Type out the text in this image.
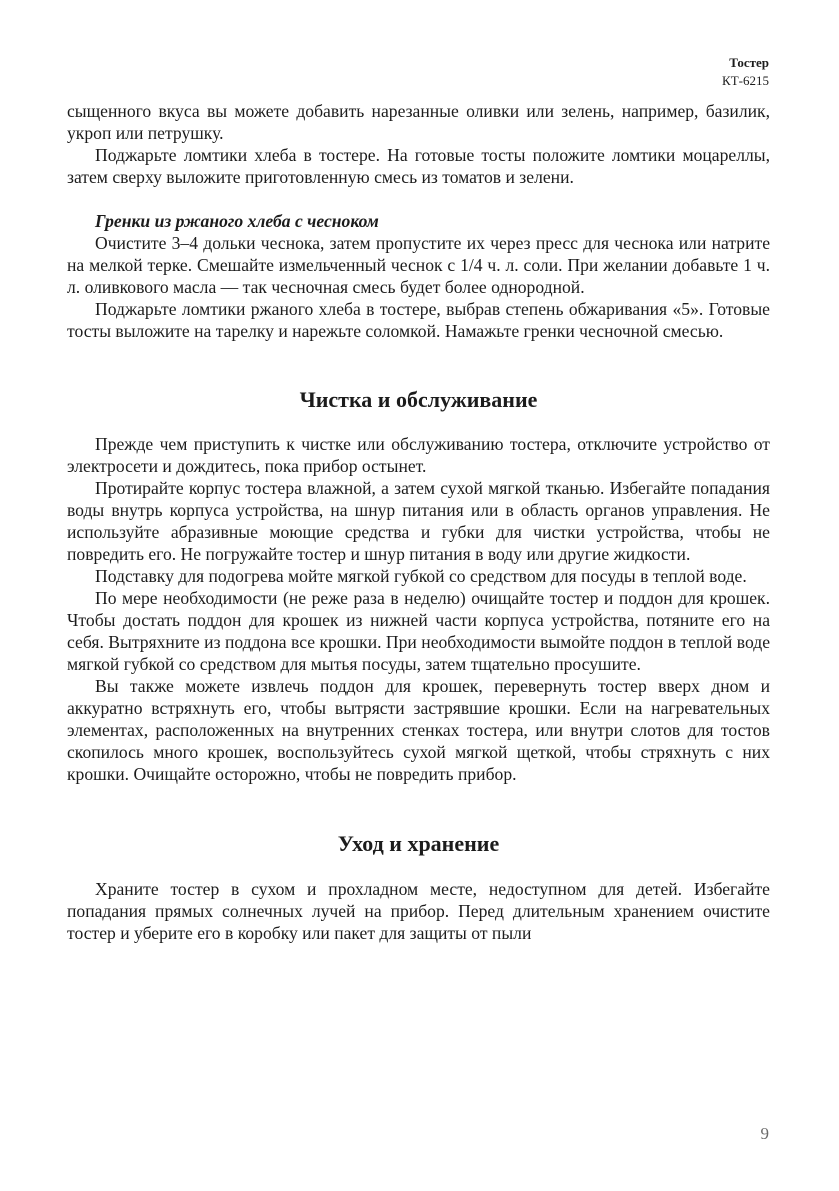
Тостер
КТ-6215

сыщенного вкуса вы можете добавить нарезанные оливки или зелень, например, базилик, укроп или петрушку.

Поджарьте ломтики хлеба в тостере. На готовые тосты положите ломтики моцареллы, затем сверху выложите приготовленную смесь из томатов и зелени.

Гренки из ржаного хлеба с чесноком

Очистите 3–4 дольки чеснока, затем пропустите их через пресс для чеснока или натрите на мелкой терке. Смешайте измельченный чеснок с 1/4 ч. л. соли. При желании добавьте 1 ч. л. оливкового масла — так чесночная смесь будет более однородной.

Поджарьте ломтики ржаного хлеба в тостере, выбрав степень обжаривания «5». Готовые тосты выложите на тарелку и нарежьте соломкой. Намажьте гренки чесночной смесью.

Чистка и обслуживание

Прежде чем приступить к чистке или обслуживанию тостера, отключите устройство от электросети и дождитесь, пока прибор остынет.

Протирайте корпус тостера влажной, а затем сухой мягкой тканью. Избегайте попадания воды внутрь корпуса устройства, на шнур питания или в область органов управления. Не используйте абразивные моющие средства и губки для чистки устройства, чтобы не повредить его. Не погружайте тостер и шнур питания в воду или другие жидкости.

Подставку для подогрева мойте мягкой губкой со средством для посуды в теплой воде.

По мере необходимости (не реже раза в неделю) очищайте тостер и поддон для крошек. Чтобы достать поддон для крошек из нижней части корпуса устройства, потяните его на себя. Вытряхните из поддона все крошки. При необходимости вымойте поддон в теплой воде мягкой губкой со средством для мытья посуды, затем тщательно просушите.

Вы также можете извлечь поддон для крошек, перевернуть тостер вверх дном и аккуратно встряхнуть его, чтобы вытрясти застрявшие крошки. Если на нагревательных элементах, расположенных на внутренних стенках тостера, или внутри слотов для тостов скопилось много крошек, воспользуйтесь сухой мягкой щеткой, чтобы стряхнуть с них крошки. Очищайте осторожно, чтобы не повредить прибор.

Уход и хранение

Храните тостер в сухом и прохладном месте, недоступном для детей. Избегайте попадания прямых солнечных лучей на прибор. Перед длительным хранением очистите тостер и уберите его в коробку или пакет для защиты от пыли

9
